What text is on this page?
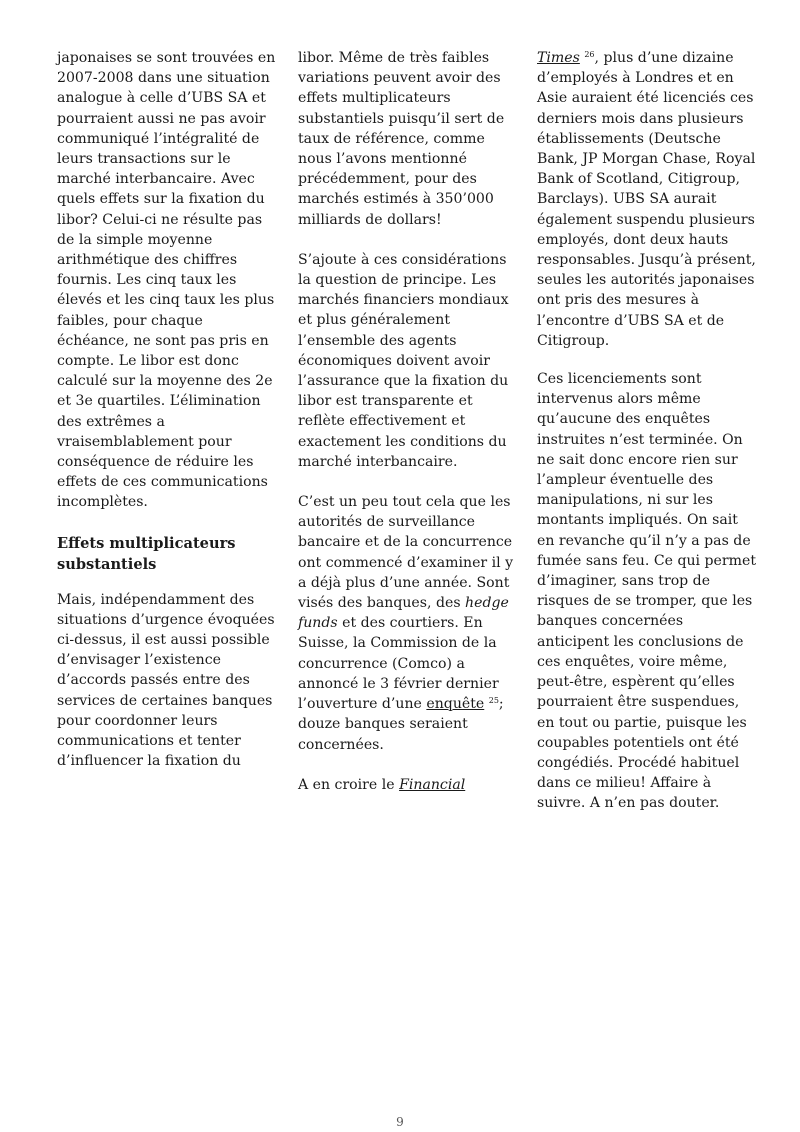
japonaises se sont trouvées en 2007-2008 dans une situation analogue à celle d’UBS SA et pourraient aussi ne pas avoir communiqué l’intégralité de leurs transactions sur le marché interbancaire. Avec quels effets sur la fixation du libor? Celui-ci ne résulte pas de la simple moyenne arithmétique des chiffres fournis. Les cinq taux les élevés et les cinq taux les plus faibles, pour chaque échéance, ne sont pas pris en compte. Le libor est donc calculé sur la moyenne des 2e et 3e quartiles. L’élimination des extrêmes a vraisemblablement pour conséquence de réduire les effets de ces communications incomplètes.

Effets multiplicateurs substantiels

Mais, indépendamment des situations d’urgence évoquées ci-dessus, il est aussi possible d’envisager l’existence d’accords passés entre des services de certaines banques pour coordonner leurs communications et tenter d’influencer la fixation du

libor. Même de très faibles variations peuvent avoir des effets multiplicateurs substantiels puisqu’il sert de taux de référence, comme nous l’avons mentionné précédemment, pour des marchés estimés à 350’000 milliards de dollars!

S’ajoute à ces considérations la question de principe. Les marchés financiers mondiaux et plus généralement l’ensemble des agents économiques doivent avoir l’assurance que la fixation du libor est transparente et reflète effectivement et exactement les conditions du marché interbancaire.

C’est un peu tout cela que les autorités de surveillance bancaire et de la concurrence ont commencé d’examiner il y a déjà plus d’une année. Sont visés des banques, des hedge funds et des courtiers. En Suisse, la Commission de la concurrence (Comco) a annoncé le 3 février dernier l’ouverture d’une enquête $^{25}$; douze banques seraient concernées.

A en croire le Financial

Times $^{26}$, plus d’une dizaine d’employés à Londres et en Asie auraient été licenciés ces derniers mois dans plusieurs établissements (Deutsche Bank, JP Morgan Chase, Royal Bank of Scotland, Citigroup, Barclays). UBS SA aurait également suspendu plusieurs employés, dont deux hauts responsables. Jusqu’à présent, seules les autorités japonaises ont pris des mesures à l’encontre d’UBS SA et de Citigroup.

Ces licenciements sont intervenus alors même qu’aucune des enquêtes instruites n’est terminée. On ne sait donc encore rien sur l’ampleur éventuelle des manipulations, ni sur les montants impliqués. On sait en revanche qu’il n’y a pas de fumée sans feu. Ce qui permet d’imaginer, sans trop de risques de se tromper, que les banques concernées anticipent les conclusions de ces enquêtes, voire même, peut-être, espèrent qu’elles pourraient être suspendues, en tout ou partie, puisque les coupables potentiels ont été congédiés. Procédé habituel dans ce milieu! Affaire à suivre. A n’en pas douter.

9
